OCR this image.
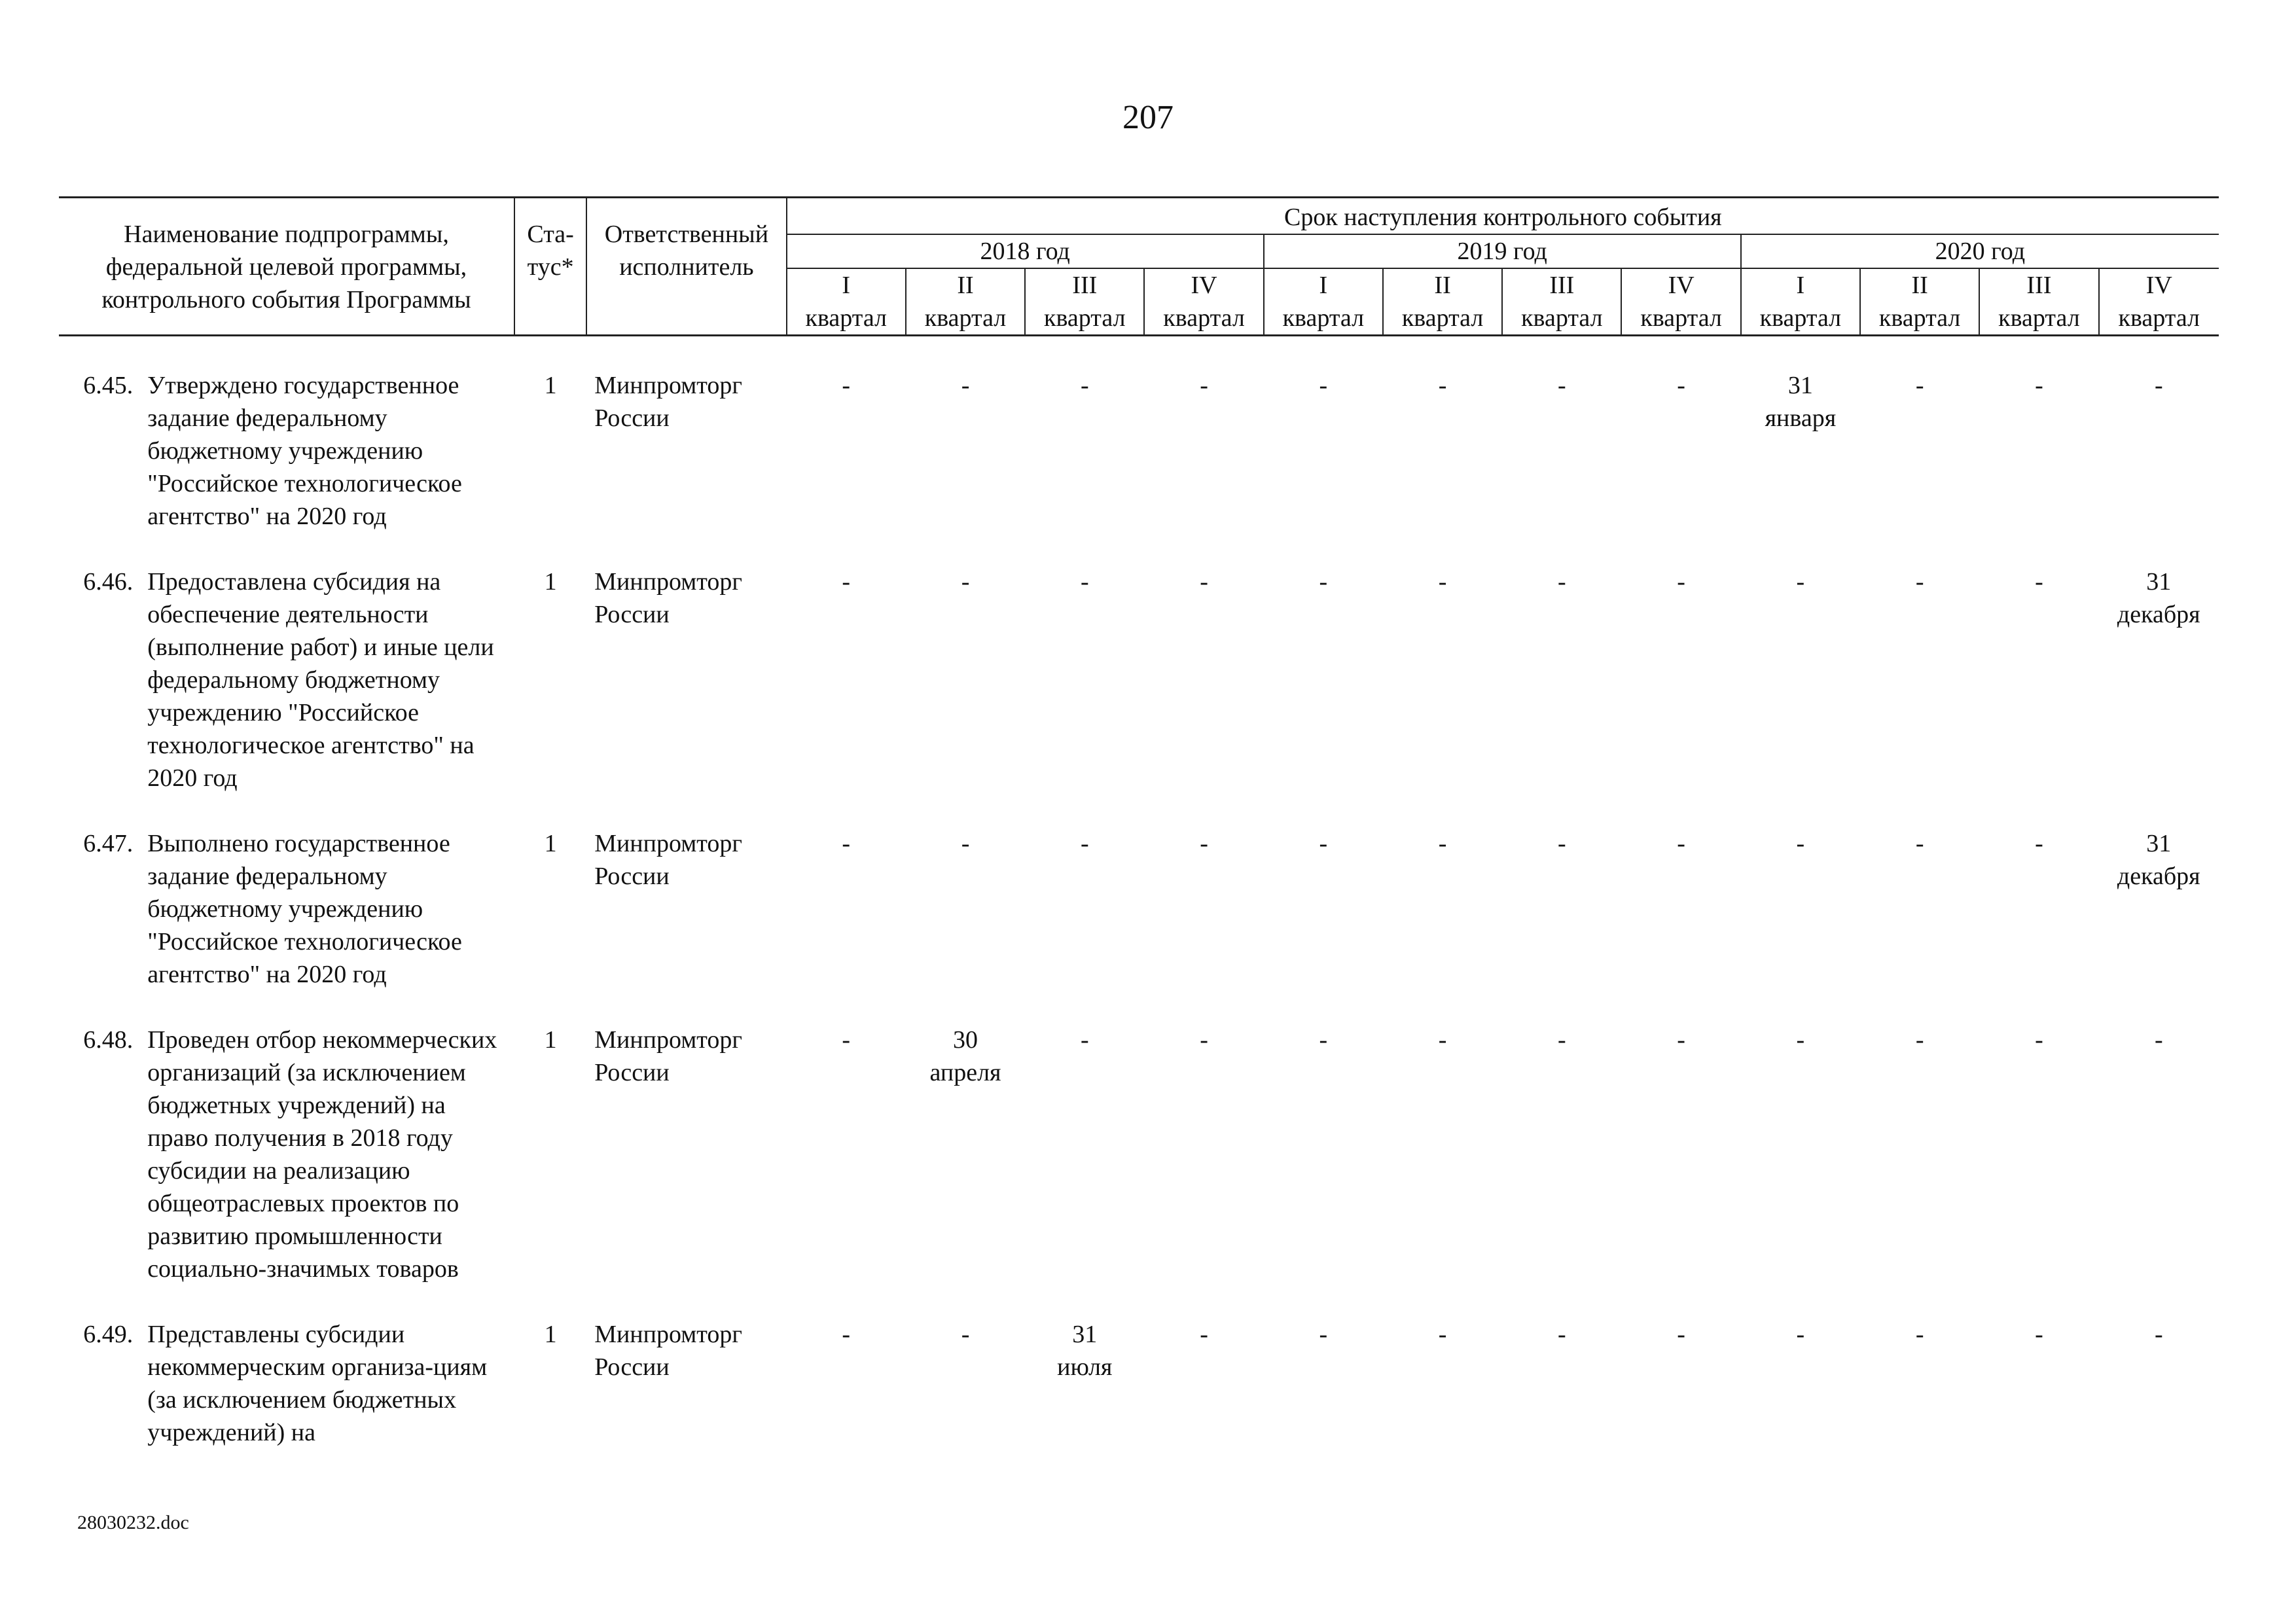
207
Наименование подпрограммы, федеральной целевой программы, контрольного события Программы		Ста-
тус*	Ответственный исполнитель	Срок наступления контрольного события											
				2018 год				2019 год				2020 год			

				I
квартал	II
квартал	III
квартал	IV
квартал	I
квартал	II
квартал	III
квартал	IV
квартал	I
квартал	II
квартал	III
квартал	IV
квартал

6.45.	Утверждено государственное задание федеральному бюджетному учреждению "Российское технологическое агентство" на 2020 год	1	Минпромторг России	-	-	-	-	-	-	-	-	31
января	-	-	-
6.46.	Предоставлена субсидия на обеспечение деятельности (выполнение работ) и иные цели федеральному бюджетному учреждению "Российское технологическое агентство" на 2020 год	1	Минпромторг России	-	-	-	-	-	-	-	-	-	-	-	31
декабря

6.47.	Выполнено государственное задание федеральному бюджетному учреждению "Российское технологическое агентство" на 2020 год	1	Минпромторг России	-	-	-	-	-	-	-	-	-	-	-	31
декабря

6.48.	Проведен отбор некоммерческих организаций (за исключением бюджетных учреждений) на право получения в 2018 году субсидии на реализацию общеотраслевых проектов по развитию промышленности социально-значимых товаров	1	Минпромторг России	-	30
апреля	-	-	-	-	-	-	-	-	-	-
6.49.	Представлены субсидии некоммерческим организа-циям (за исключением бюджетных учреждений) на	1	Минпромторг России	-	-	31
июля	-	-	-	-	-	-	-	-	-
28030232.doc
